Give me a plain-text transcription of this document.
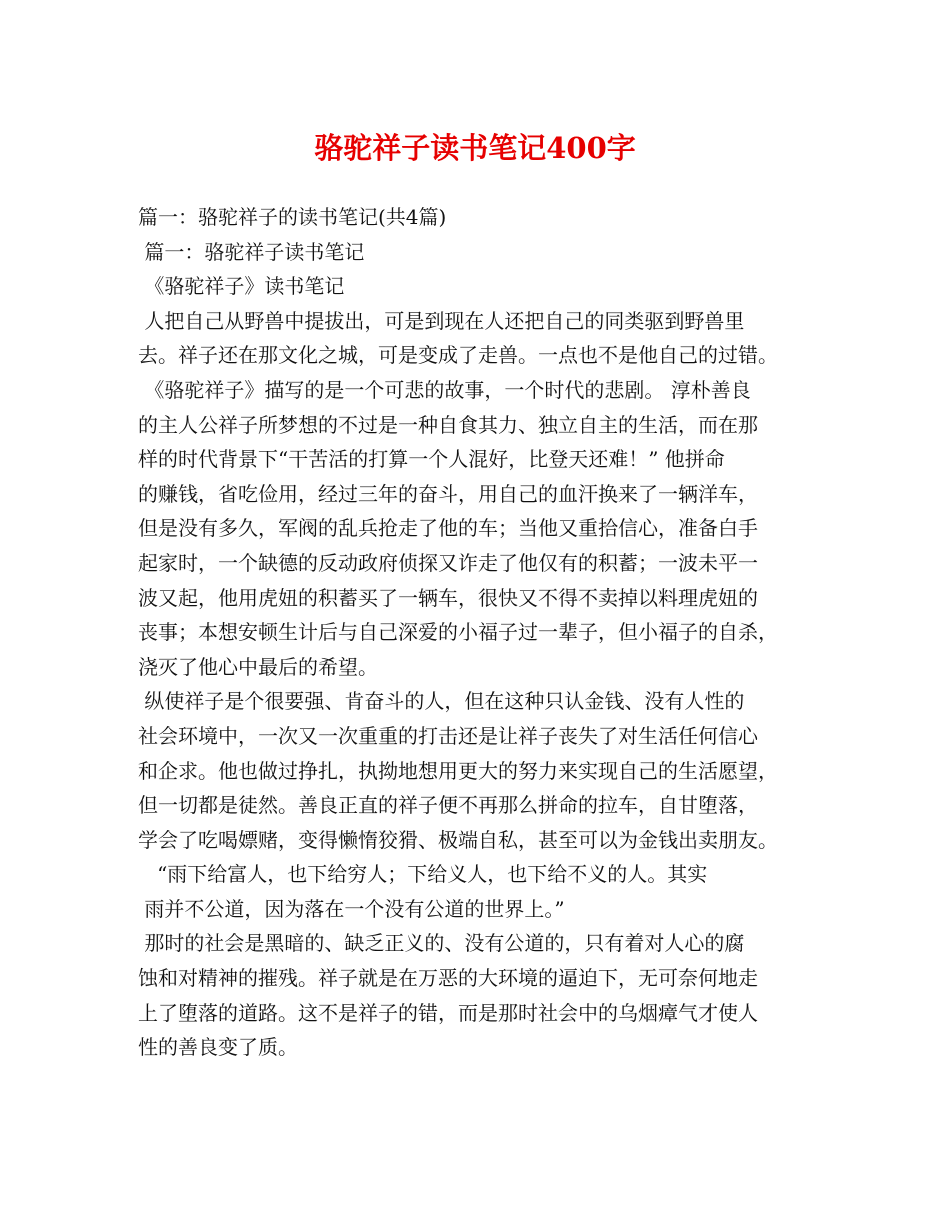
骆驼祥子读书笔记400字
篇一：骆驼祥子的读书笔记(共4篇)
篇一：骆驼祥子读书笔记
《骆驼祥子》读书笔记
人把自己从野兽中提拔出，可是到现在人还把自己的同类驱到野兽里
去。祥子还在那文化之城，可是变成了走兽。一点也不是他自己的过错。
《骆驼祥子》描写的是一个可悲的故事，一个时代的悲剧。 淳朴善良
的主人公祥子所梦想的不过是一种自食其力、独立自主的生活，而在那
样的时代背景下“干苦活的打算一个人混好，比登天还难！” 他拼命
的赚钱，省吃俭用，经过三年的奋斗，用自己的血汗换来了一辆洋车，
但是没有多久，军阀的乱兵抢走了他的车；当他又重拾信心，准备白手
起家时，一个缺德的反动政府侦探又诈走了他仅有的积蓄；一波未平一
波又起，他用虎妞的积蓄买了一辆车，很快又不得不卖掉以料理虎妞的
丧事；本想安顿生计后与自己深爱的小福子过一辈子，但小福子的自杀，
浇灭了他心中最后的希望。
纵使祥子是个很要强、肯奋斗的人，但在这种只认金钱、没有人性的
社会环境中，一次又一次重重的打击还是让祥子丧失了对生活任何信心
和企求。他也做过挣扎，执拗地想用更大的努力来实现自己的生活愿望，
但一切都是徒然。善良正直的祥子便不再那么拼命的拉车，自甘堕落，
学会了吃喝嫖赌，变得懒惰狡猾、极端自私，甚至可以为金钱出卖朋友。
“雨下给富人，也下给穷人；下给义人，也下给不义的人。其实
雨并不公道，因为落在一个没有公道的世界上。”
那时的社会是黑暗的、缺乏正义的、没有公道的，只有着对人心的腐
蚀和对精神的摧残。祥子就是在万恶的大环境的逼迫下，无可奈何地走
上了堕落的道路。这不是祥子的错，而是那时社会中的乌烟瘴气才使人
性的善良变了质。
